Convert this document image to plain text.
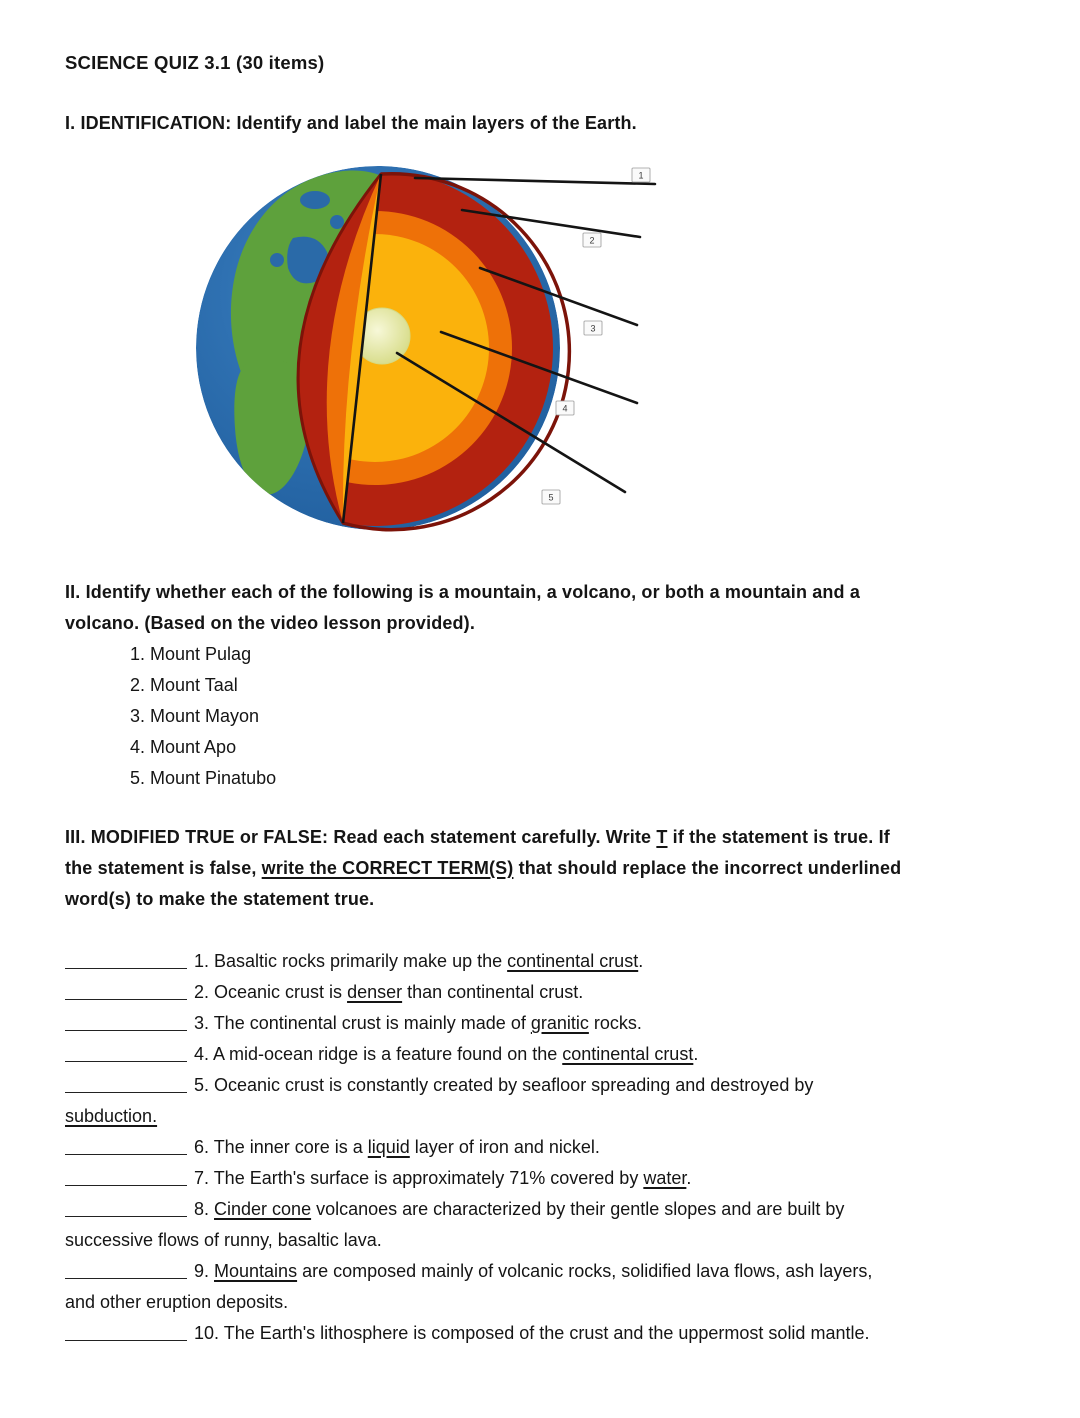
SCIENCE QUIZ 3.1 (30 items)
I. IDENTIFICATION: Identify and label the main layers of the Earth.
1
2
3
4
5
II. Identify whether each of the following is a mountain, a volcano, or both a mountain and a
volcano. (Based on the video lesson provided).
1. Mount Pulag
2. Mount Taal
3. Mount Mayon
4. Mount Apo
5. Mount Pinatubo
III. MODIFIED TRUE or FALSE: Read each statement carefully. Write T if the statement is true. If
the statement is false, write the CORRECT TERM(S) that should replace the incorrect underlined
word(s) to make the statement true.
1. Basaltic rocks primarily make up the continental crust.
2. Oceanic crust is denser than continental crust.
3. The continental crust is mainly made of granitic rocks.
4. A mid-ocean ridge is a feature found on the continental crust.
5. Oceanic crust is constantly created by seafloor spreading and destroyed by
subduction.
6. The inner core is a liquid layer of iron and nickel.
7. The Earth's surface is approximately 71% covered by water.
8. Cinder cone volcanoes are characterized by their gentle slopes and are built by
successive flows of runny, basaltic lava.
9. Mountains are composed mainly of volcanic rocks, solidified lava flows, ash layers,
and other eruption deposits.
10. The Earth's lithosphere is composed of the crust and the uppermost solid mantle.
